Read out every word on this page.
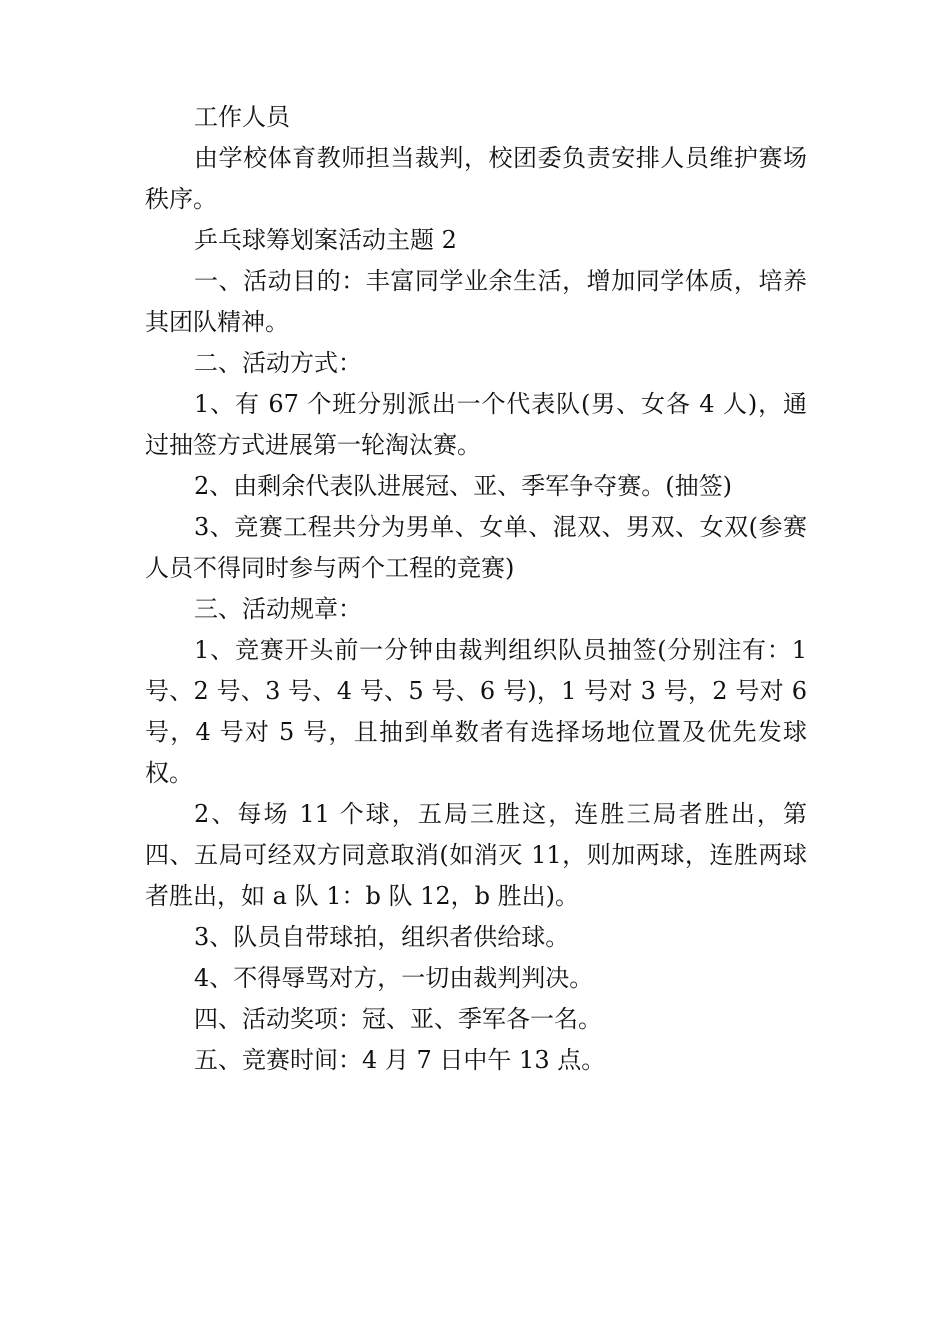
工作人员

由学校体育教师担当裁判，校团委负责安排人员维护赛场秩序。

乒乓球筹划案活动主题 2

一、活动目的：丰富同学业余生活，增加同学体质，培养其团队精神。

二、活动方式：

1、有 67 个班分别派出一个代表队(男、女各 4 人)，通过抽签方式进展第一轮淘汰赛。

2、由剩余代表队进展冠、亚、季军争夺赛。(抽签)

3、竞赛工程共分为男单、女单、混双、男双、女双(参赛人员不得同时参与两个工程的竞赛)

三、活动规章：

1、竞赛开头前一分钟由裁判组织队员抽签(分别注有：1 号、2 号、3 号、4 号、5 号、6 号)，1 号对 3 号，2 号对 6 号，4 号对 5 号，且抽到单数者有选择场地位置及优先发球权。

2、每场 11 个球，五局三胜这，连胜三局者胜出，第四、五局可经双方同意取消(如消灭 11，则加两球，连胜两球者胜出，如 a 队 1：b 队 12，b 胜出)。

3、队员自带球拍，组织者供给球。

4、不得辱骂对方，一切由裁判判决。

四、活动奖项：冠、亚、季军各一名。

五、竞赛时间：4 月 7 日中午 13 点。
